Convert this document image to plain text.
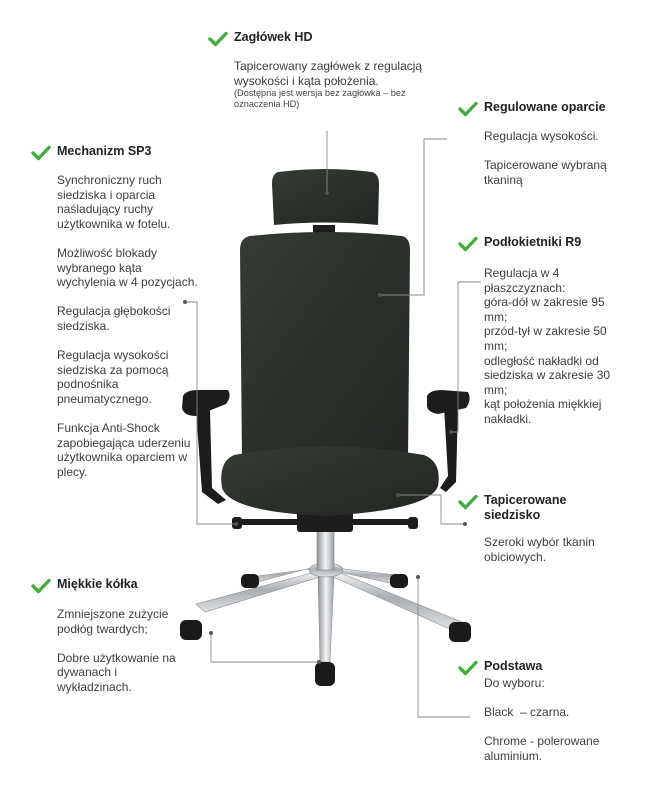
Zagłówek HD
Tapicerowany zagłówek z regulacją wysokości i kąta położenia.
(Dostępna jest wersja bez zagłówka – bez oznaczenia HD)	Regulowane oparcie

Regulacja wysokości.

Tapicerowane wybraną tkaniną

Mechanizm SP3

Synchroniczny ruch siedziska i oparcia naśladujący ruchy użytkownika w fotelu.

Możliwość blokady wybranego kąta wychylenia w 4 pozycjach.

Regulacja głębokości siedziska.

Regulacja wysokości siedziska za pomocą podnośnika pneumatycznego.

Funkcja Anti-Shock zapobiegająca uderzeniu użytkownika oparciem w plecy.

Podłokietniki R9
Regulacja w 4 płaszczyznach:
góra-dół w zakresie 95 mm;
przód-tył w zakresie 50 mm;
odległość nakładki od siedziska w zakresie 30 mm;
kąt położenia miękkiej nakładki.
Tapicerowane
siedzisko
Szeroki wybór tkanin obiciowych.
Miękkie kółka

Zmniejszone zużycie podłóg twardych;

Dobre użytkowanie na dywanach i wykładzinach.

Podstawa

Do wyboru:

Black  – czarna.

Chrome - polerowane aluminium.
